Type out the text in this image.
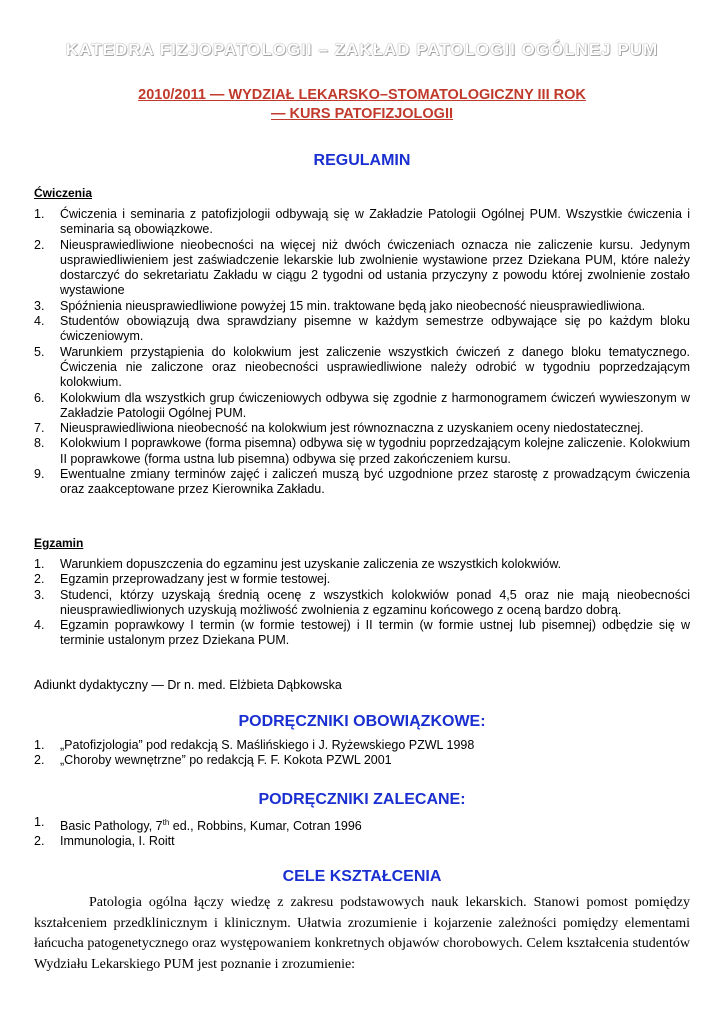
KATEDRA FIZJOPATOLOGII – ZAKŁAD PATOLOGII OGÓLNEJ PUM
2010/2011 — WYDZIAŁ LEKARSKO–STOMATOLOGICZNY III ROK
— KURS PATOFIZJOLOGII
REGULAMIN
Ćwiczenia
1. Ćwiczenia i seminaria z patofizjologii odbywają się w Zakładzie Patologii Ogólnej PUM. Wszystkie ćwiczenia i seminaria są obowiązkowe.
2. Nieusprawiedliwione nieobecności na więcej niż dwóch ćwiczeniach oznacza nie zaliczenie kursu. Jedynym usprawiedliwieniem jest zaświadczenie lekarskie lub zwolnienie wystawione przez Dziekana PUM, które należy dostarczyć do sekretariatu Zakładu w ciągu 2 tygodni od ustania przyczyny z powodu której zwolnienie zostało wystawione
3. Spóźnienia nieusprawiedliwione powyżej 15 min. traktowane będą jako nieobecność nieusprawiedliwiona.
4. Studentów obowiązują dwa sprawdziany pisemne w każdym semestrze odbywające się po każdym bloku ćwiczeniowym.
5. Warunkiem przystąpienia do kolokwium jest zaliczenie wszystkich ćwiczeń z danego bloku tematycznego. Ćwiczenia nie zaliczone oraz nieobecności usprawiedliwione należy odrobić w tygodniu poprzedzającym kolokwium.
6. Kolokwium dla wszystkich grup ćwiczeniowych odbywa się zgodnie z harmonogramem ćwiczeń wywieszonym w Zakładzie Patologii Ogólnej PUM.
7. Nieusprawiedliwiona nieobecność na kolokwium jest równoznaczna z uzyskaniem oceny niedostatecznej.
8. Kolokwium I poprawkowe (forma pisemna) odbywa się w tygodniu poprzedzającym kolejne zaliczenie. Kolokwium II poprawkowe (forma ustna lub pisemna) odbywa się przed zakończeniem kursu.
9. Ewentualne zmiany terminów zajęć i zaliczeń muszą być uzgodnione przez starostę z prowadzącym ćwiczenia oraz zaakceptowane przez Kierownika Zakładu.
Egzamin
1. Warunkiem dopuszczenia do egzaminu jest uzyskanie zaliczenia ze wszystkich kolokwiów.
2. Egzamin przeprowadzany jest w formie testowej.
3. Studenci, którzy uzyskają średnią ocenę z wszystkich kolokwiów ponad 4,5 oraz nie mają nieobecności nieusprawiedliwionych uzyskują możliwość zwolnienia z egzaminu końcowego z oceną bardzo dobrą.
4. Egzamin poprawkowy I termin (w formie testowej) i II termin (w formie ustnej lub pisemnej) odbędzie się w terminie ustalonym przez Dziekana PUM.
Adiunkt dydaktyczny — Dr n. med. Elżbieta Dąbkowska
PODRĘCZNIKI OBOWIĄZKOWE:
1. „Patofizjologia” pod redakcją S. Maślińskiego i J. Ryżewskiego PZWL 1998
2. „Choroby wewnętrzne” po redakcją F. F. Kokota PZWL 2001
PODRĘCZNIKI ZALECANE:
1. Basic Pathology, 7th ed., Robbins, Kumar, Cotran 1996
2. Immunologia, I. Roitt
CELE KSZTAŁCENIA
Patologia ogólna łączy wiedzę z zakresu podstawowych nauk lekarskich. Stanowi pomost pomiędzy kształceniem przedklinicznym i klinicznym. Ułatwia zrozumienie i kojarzenie zależności pomiędzy elementami łańcucha patogenetycznego oraz występowaniem konkretnych objawów chorobowych. Celem kształcenia studentów Wydziału Lekarskiego PUM jest poznanie i zrozumienie:
